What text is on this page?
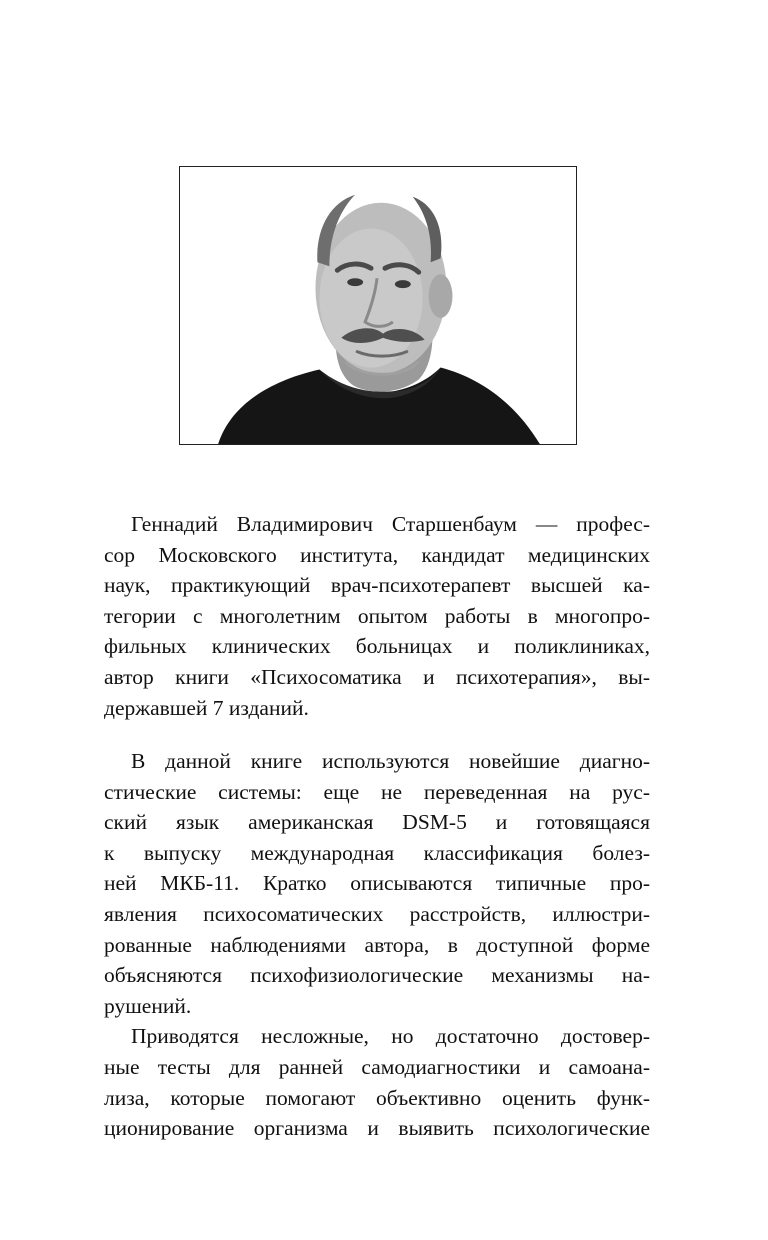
Геннадий Владимирович Старшенбаум — профес-
сор Московского института, кандидат медицинских
наук, практикующий врач-психотерапевт высшей ка-
тегории с многолетним опытом работы в многопро-
фильных клинических больницах и поликлиниках,
автор книги «Психосоматика и психотерапия», вы-
державшей 7 изданий.

В данной книге используются новейшие диагно-
стические системы: еще не переведенная на рус-
ский язык американская DSM-5 и готовящаяся
к выпуску международная классификация болез-
ней МКБ-11. Кратко описываются типичные про-
явления психосоматических расстройств, иллюстри-
рованные наблюдениями автора, в доступной форме
объясняются психофизиологические механизмы на-
рушений.

Приводятся несложные, но достаточно достовер-
ные тесты для ранней самодиагностики и самоана-
лиза, которые помогают объективно оценить функ-
ционирование организма и выявить психологические
